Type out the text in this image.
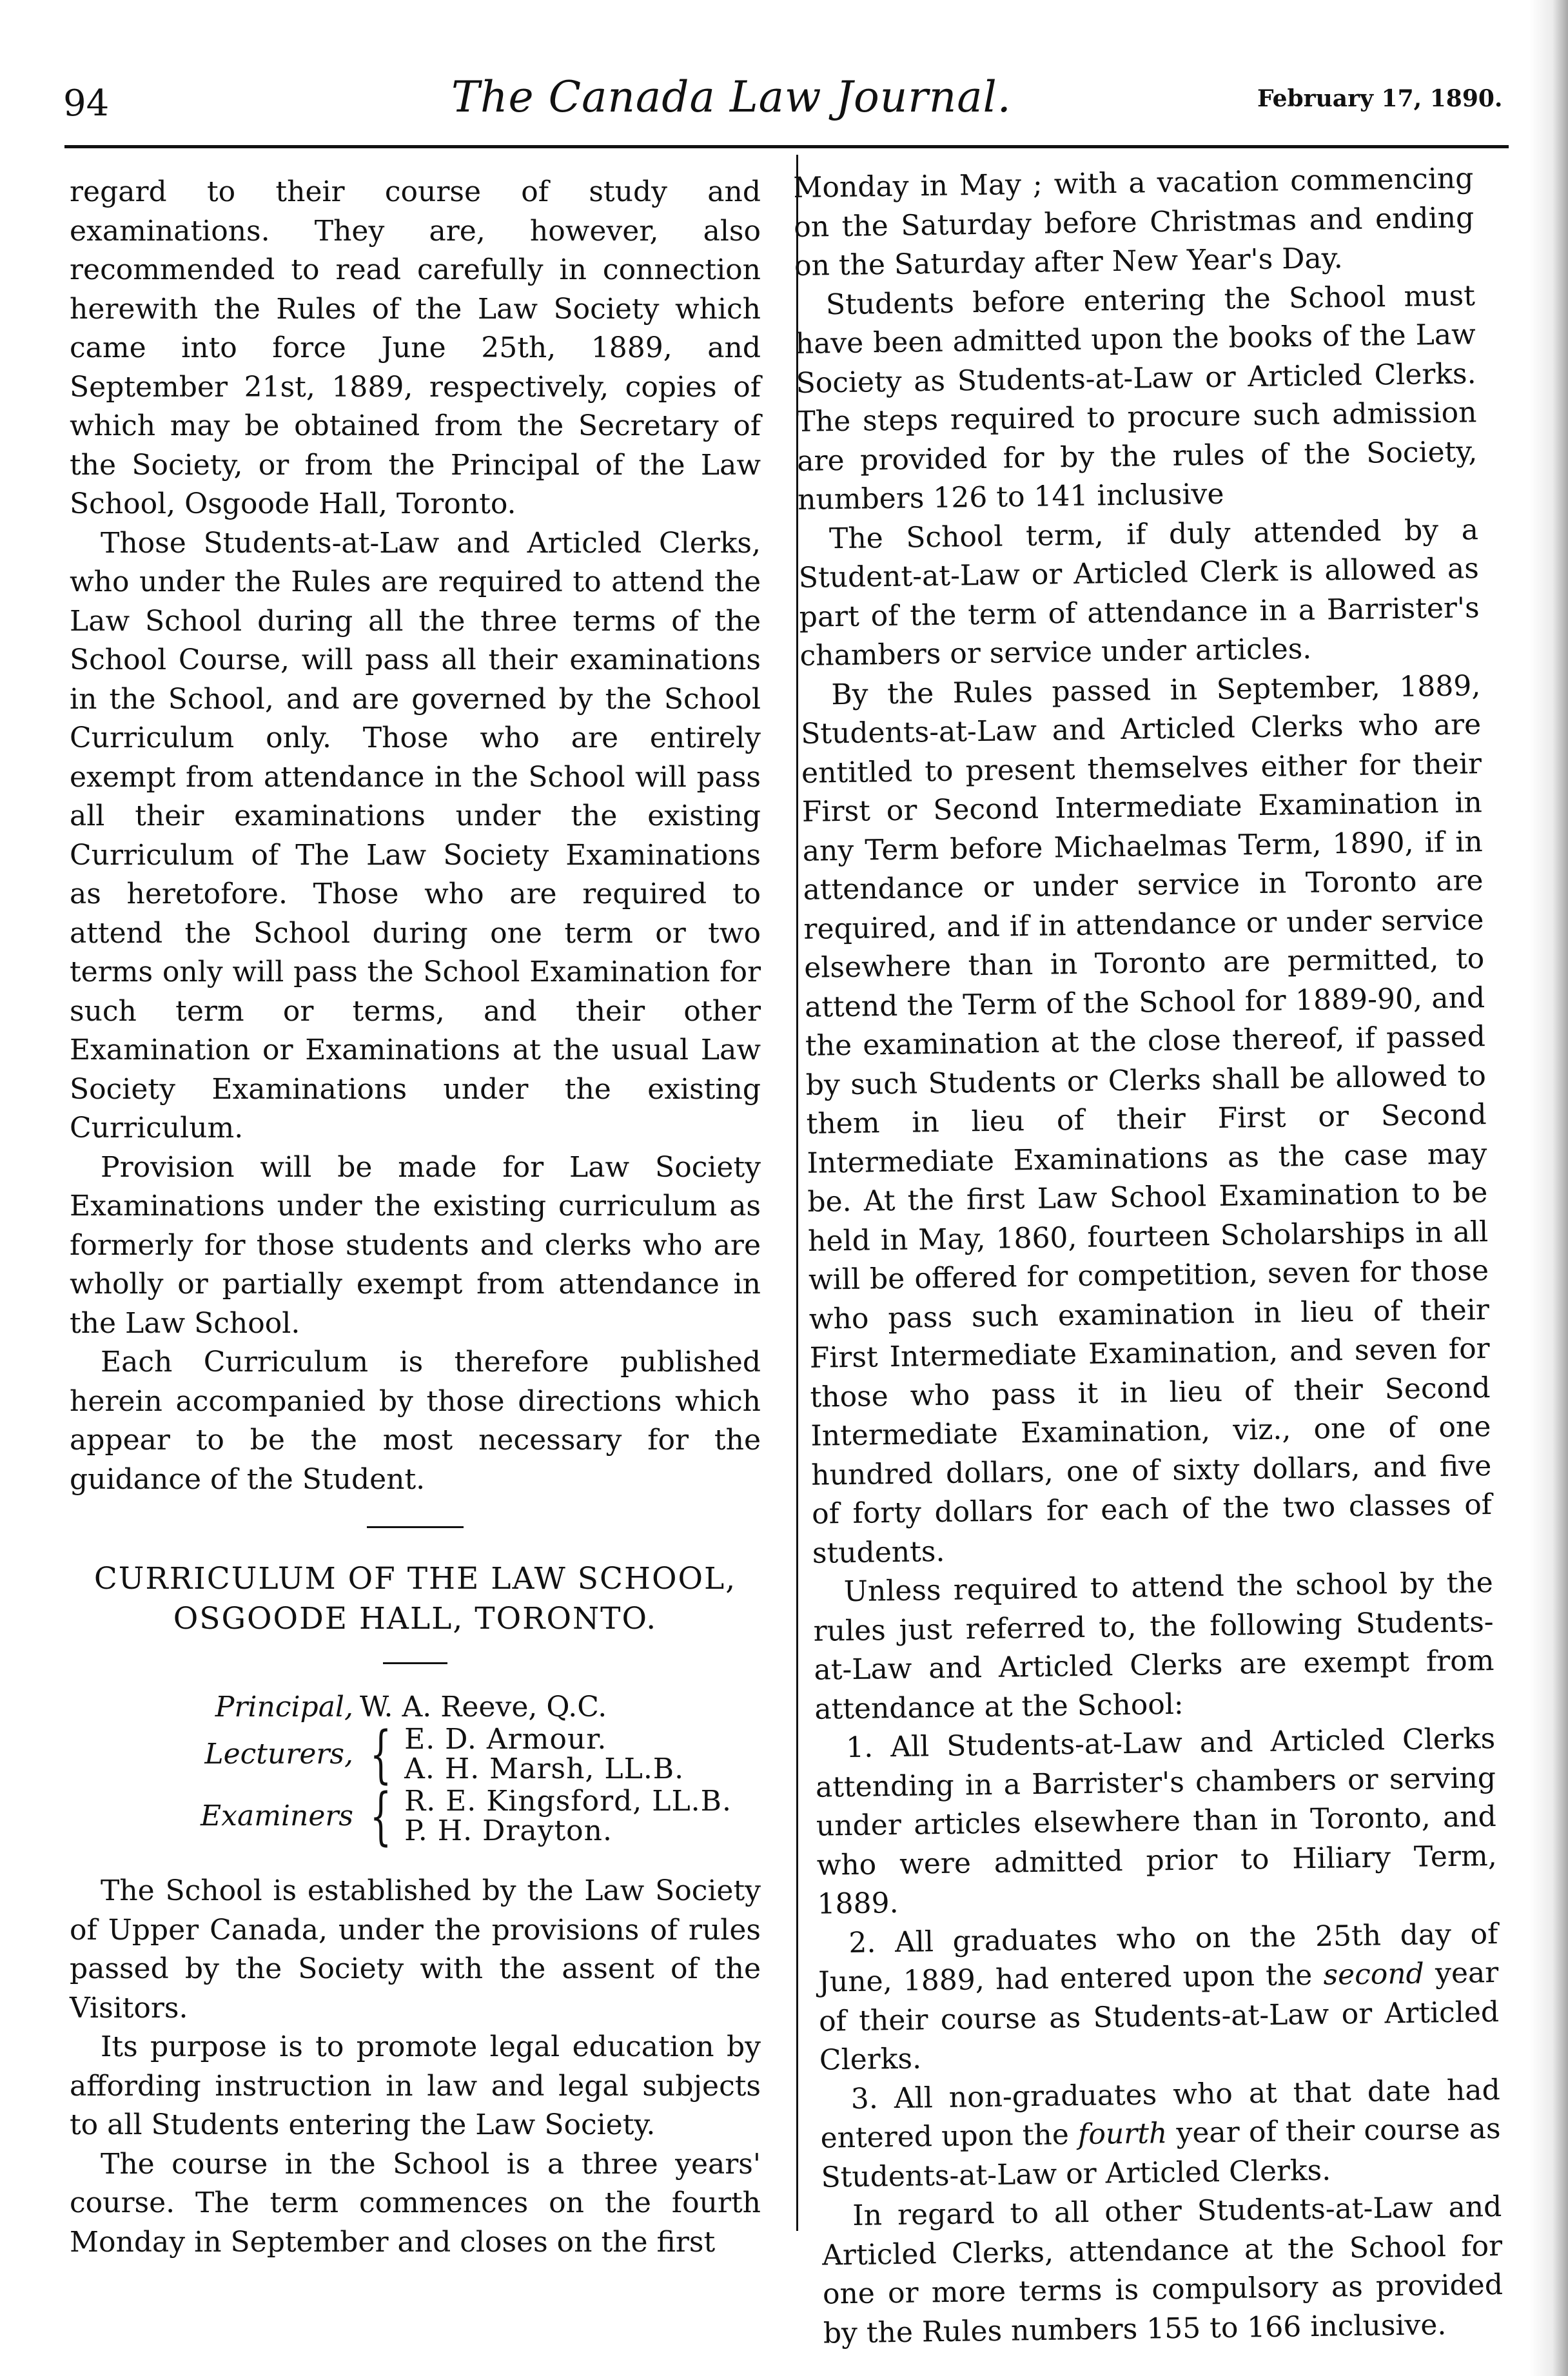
94	The Canada Law Journal.	February 17, 1890.

regard to their course of study and examinations. They are, however, also recommended to read carefully in connection herewith the Rules of the Law Society which came into force June 25th, 1889, and September 21st, 1889, respectively, copies of which may be obtained from the Secretary of the Society, or from the Principal of the Law School, Osgoode Hall, Toronto.

Those Students-at-Law and Articled Clerks, who under the Rules are required to attend the Law School during all the three terms of the School Course, will pass all their examinations in the School, and are governed by the School Curriculum only. Those who are entirely exempt from attendance in the School will pass all their examinations under the existing Curriculum of The Law Society Examinations as heretofore. Those who are required to attend the School during one term or two terms only will pass the School Examination for such term or terms, and their other Examination or Examinations at the usual Law Society Examinations under the existing Curriculum.

Provision will be made for Law Society Examinations under the existing curriculum as formerly for those students and clerks who are wholly or partially exempt from attendance in the Law School.

Each Curriculum is therefore published herein accompanied by those directions which appear to be the most necessary for the guidance of the Student.

CURRICULUM OF THE LAW SCHOOL,

OSGOODE HALL, TORONTO.

Principal, W. A. Reeve, Q.C.
Lecturers, { E. D. Armour.
A. H. Marsh, LL.B.
Examiners { R. E. Kingsford, LL.B.
P. H. Drayton.

The School is established by the Law Society of Upper Canada, under the provisions of rules passed by the Society with the assent of the Visitors.

Its purpose is to promote legal education by affording instruction in law and legal subjects to all Students entering the Law Society.

The course in the School is a three years' course. The term commences on the fourth Monday in September and closes on the first

Monday in May ; with a vacation commencing on the Saturday before Christmas and ending on the Saturday after New Year's Day.

Students before entering the School must have been admitted upon the books of the Law Society as Students-at-Law or Articled Clerks. The steps required to procure such admission are provided for by the rules of the Society, numbers 126 to 141 inclusive

The School term, if duly attended by a Student-at-Law or Articled Clerk is allowed as part of the term of attendance in a Barrister's chambers or service under articles.

By the Rules passed in September, 1889, Students-at-Law and Articled Clerks who are entitled to present themselves either for their First or Second Intermediate Examination in any Term before Michaelmas Term, 1890, if in attendance or under service in Toronto are required, and if in attendance or under service elsewhere than in Toronto are permitted, to attend the Term of the School for 1889-90, and the examination at the close thereof, if passed by such Students or Clerks shall be allowed to them in lieu of their First or Second Intermediate Examinations as the case may be. At the first Law School Examination to be held in May, 1860, fourteen Scholarships in all will be offered for competition, seven for those who pass such examination in lieu of their First Intermediate Examination, and seven for those who pass it in lieu of their Second Intermediate Examination, viz., one of one hundred dollars, one of sixty dollars, and five of forty dollars for each of the two classes of students.

Unless required to attend the school by the rules just referred to, the following Students-at-Law and Articled Clerks are exempt from attendance at the School:

1. All Students-at-Law and Articled Clerks attending in a Barrister's chambers or serving under articles elsewhere than in Toronto, and who were admitted prior to Hiliary Term, 1889.

2. All graduates who on the 25th day of June, 1889, had entered upon the second year of their course as Students-at-Law or Articled Clerks.

3. All non-graduates who at that date had entered upon the fourth year of their course as Students-at-Law or Articled Clerks.

In regard to all other Students-at-Law and Articled Clerks, attendance at the School for one or more terms is compulsory as provided by the Rules numbers 155 to 166 inclusive.
